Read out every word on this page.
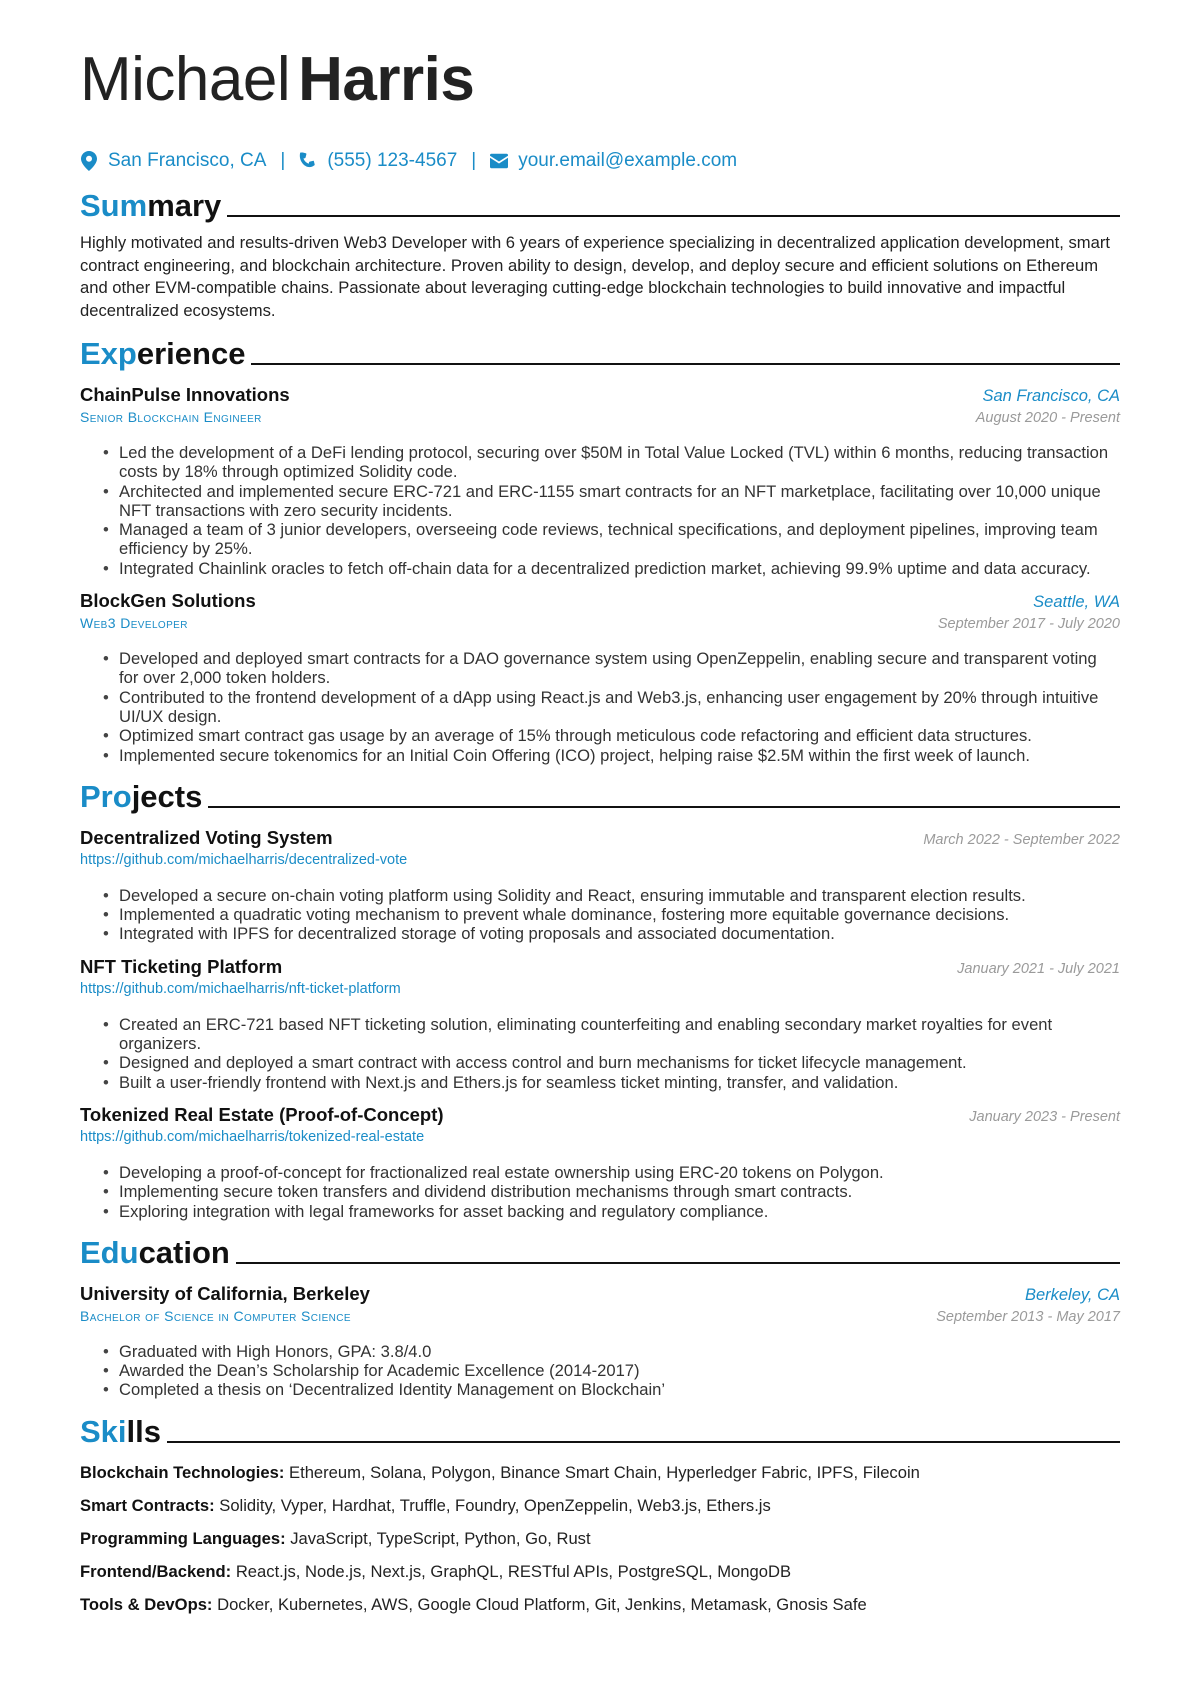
Michael Harris
San Francisco, CA | (555) 123-4567 | your.email@example.com
Summary
Highly motivated and results-driven Web3 Developer with 6 years of experience specializing in decentralized application development, smart contract engineering, and blockchain architecture. Proven ability to design, develop, and deploy secure and efficient solutions on Ethereum and other EVM-compatible chains. Passionate about leveraging cutting-edge blockchain technologies to build innovative and impactful decentralized ecosystems.
Experience
ChainPulse Innovations	San Francisco, CA
Senior Blockchain Engineer	August 2020 - Present
• Led the development of a DeFi lending protocol, securing over $50M in Total Value Locked (TVL) within 6 months, reducing transaction costs by 18% through optimized Solidity code.
• Architected and implemented secure ERC-721 and ERC-1155 smart contracts for an NFT marketplace, facilitating over 10,000 unique NFT transactions with zero security incidents.
• Managed a team of 3 junior developers, overseeing code reviews, technical specifications, and deployment pipelines, improving team efficiency by 25%.
• Integrated Chainlink oracles to fetch off-chain data for a decentralized prediction market, achieving 99.9% uptime and data accuracy.
BlockGen Solutions	Seattle, WA
Web3 Developer	September 2017 - July 2020
• Developed and deployed smart contracts for a DAO governance system using OpenZeppelin, enabling secure and transparent voting for over 2,000 token holders.
• Contributed to the frontend development of a dApp using React.js and Web3.js, enhancing user engagement by 20% through intuitive UI/UX design.
• Optimized smart contract gas usage by an average of 15% through meticulous code refactoring and efficient data structures.
• Implemented secure tokenomics for an Initial Coin Offering (ICO) project, helping raise $2.5M within the first week of launch.
Projects
Decentralized Voting System	March 2022 - September 2022
https://github.com/michaelharris/decentralized-vote
• Developed a secure on-chain voting platform using Solidity and React, ensuring immutable and transparent election results.
• Implemented a quadratic voting mechanism to prevent whale dominance, fostering more equitable governance decisions.
• Integrated with IPFS for decentralized storage of voting proposals and associated documentation.
NFT Ticketing Platform	January 2021 - July 2021
https://github.com/michaelharris/nft-ticket-platform
• Created an ERC-721 based NFT ticketing solution, eliminating counterfeiting and enabling secondary market royalties for event organizers.
• Designed and deployed a smart contract with access control and burn mechanisms for ticket lifecycle management.
• Built a user-friendly frontend with Next.js and Ethers.js for seamless ticket minting, transfer, and validation.
Tokenized Real Estate (Proof-of-Concept)	January 2023 - Present
https://github.com/michaelharris/tokenized-real-estate
• Developing a proof-of-concept for fractionalized real estate ownership using ERC-20 tokens on Polygon.
• Implementing secure token transfers and dividend distribution mechanisms through smart contracts.
• Exploring integration with legal frameworks for asset backing and regulatory compliance.
Education
University of California, Berkeley	Berkeley, CA
Bachelor of Science in Computer Science	September 2013 - May 2017
• Graduated with High Honors, GPA: 3.8/4.0
• Awarded the Dean’s Scholarship for Academic Excellence (2014-2017)
• Completed a thesis on ‘Decentralized Identity Management on Blockchain’
Skills
Blockchain Technologies: Ethereum, Solana, Polygon, Binance Smart Chain, Hyperledger Fabric, IPFS, Filecoin
Smart Contracts: Solidity, Vyper, Hardhat, Truffle, Foundry, OpenZeppelin, Web3.js, Ethers.js
Programming Languages: JavaScript, TypeScript, Python, Go, Rust
Frontend/Backend: React.js, Node.js, Next.js, GraphQL, RESTful APIs, PostgreSQL, MongoDB
Tools & DevOps: Docker, Kubernetes, AWS, Google Cloud Platform, Git, Jenkins, Metamask, Gnosis Safe
